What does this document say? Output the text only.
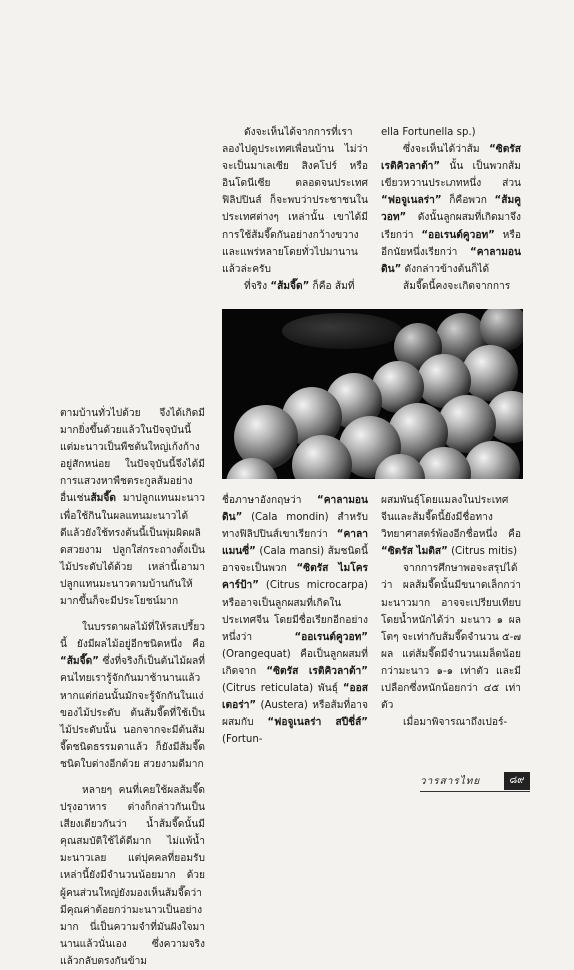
ตามบ้านทั่วไปด้วย จึงได้เกิดมีมากยิ่งขึ้นด้วยแล้วในปัจจุบันนี้ แต่มะนาวเป็นพืชต้นใหญ่เก้งก้างอยู่สักหน่อย ในปัจจุบันนี้จึงได้มีการแสวงหาพืชตระกูลส้มอย่างอื่นเช่นส้มจี๊ด มาปลูกแทนมะนาว เพื่อใช้กินในผลแทนมะนาวได้ดีแล้วยังใช้ทรงต้นนี้เป็นพุ่มผิดผลิดสวยงาม ปลูกใส่กระถางตั้งเป็นไม้ประดับได้ด้วย เหล่านี้เอามาปลูกแทนมะนาวตามบ้านกันให้มากขึ้นก็จะมีประโยชน์มาก

ในบรรดาผลไม้ที่ให้รสเปรี้ยวนี้ ยังมีผลไม้อยู่อีกชนิดหนึ่ง คือ “ส้มจี๊ด” ซึ่งที่จริงก็เป็นต้นไม้ผลที่คนไทยเรารู้จักกันมาช้านานแล้ว หากแต่ก่อนนั้นมักจะรู้จักกันในแง่ของไม้ประดับ ต้นส้มจี๊ดที่ใช้เป็นไม้ประดับนั้น นอกจากจะมีต้นส้มจี๊ดชนิดธรรมดาแล้ว ก็ยังมีส้มจี๊ดชนิดใบด่างอีกด้วย สวยงามดีมาก

หลายๆ คนที่เคยใช้ผลส้มจี๊ดปรุงอาหาร ต่างก็กล่าวกันเป็นเสียงเดียวกันว่า น้ำส้มจี๊ดนั้นมีคุณสมบัติใช้ได้ดีมาก ไม่แพ้น้ำมะนาวเลย แต่ปุคคลที่ยอมรับเหล่านี้ยังมีจำนวนน้อยมาก ด้วยผู้คนส่วนใหญ่ยังมองเห็นส้มจี๊ดว่า มีคุณค่าต้อยกว่ามะนาวเป็นอย่างมาก นี่เป็นความจำที่มันฝังใจมานานแล้วนั่นเอง ซึ่งความจริงแล้วกลับตรงกันข้าม

ดังจะเห็นได้จากการที่เราลองไปดูประเทศเพื่อนบ้าน ไม่ว่าจะเป็นมาเลเซีย สิงคโปร์ หรืออินโดนีเซีย ตลอดจนประเทศฟิลิปปินส์ ก็จะพบว่าประชาชนในประเทศต่างๆ เหล่านั้น เขาได้มีการใช้ส้มจี๊ดกันอย่างกว้างขวาง และแพร่หลายโดยทั่วไปมานานแล้วล่ะครับ

ที่จริง “ส้มจี๊ด” ก็คือ ส้มที่

ella Fortunella sp.)

ซึ่งจะเห็นได้ว่าส้ม “ซิตรัส เรติคิวลาต้า” นั้น เป็นพวกส้มเขียวหวานประเภทหนึ่ง ส่วน “ฟอจูเนลร่า” ก็คือพวก “ส้มคูวอท” ดังนั้นลูกผสมที่เกิดมาจึงเรียกว่า “ออเรนต์คูวอท” หรืออีกนัยหนึ่งเรียกว่า “คาลามอนดิน” ดังกล่าวข้างต้นก็ได้

ส้มจี๊ดนี้คงจะเกิดจากการ

ชื่อภาษาอังกฤษว่า “คาลามอนดิน” (Cala mondin) สำหรับทางฟิลิปปินส์เขาเรียกว่า “คาลาแมนซี่” (Cala mansi) ส้มชนิดนี้อาจจะเป็นพวก “ซิตรัส ไมโครคาร์ป้า” (Citrus microcarpa) หรืออาจเป็นลูกผสมที่เกิดในประเทศจีน โดยมีชื่อเรียกอีกอย่างหนึ่งว่า “ออเรนต์คูวอท” (Orangequat) คือเป็นลูกผสมที่เกิดจาก “ซิตรัส เรติคิวลาต้า” (Citrus reticulata) พันธุ์ “ออสเตอร่า” (Austera) หรือส้มที่อาจผสมกับ “ฟอจูเนลร่า สปีชี่ส์” (Fortun-

ผสมพันธุ์โดยแมลงในประเทศจีนและส้มจี๊ดนี้ยังมีชื่อทางวิทยาศาสตร์พ้องอีกชื่อหนึ่ง คือ “ซิตรัส ไมติส” (Citrus mitis)

จากการศึกษาพอจะสรุปได้ว่า ผลส้มจี๊ดนั้นมีขนาดเล็กกว่ามะนาวมาก อาจจะเปรียบเทียบโดยน้ำหนักได้ว่า มะนาว ๑ ผลโตๆ จะเท่ากับส้มจี๊ดจำนวน ๕-๗ ผล แต่ส้มจี๊ดมีจำนวนเมล็ดน้อยกว่ามะนาว ๑-๑ เท่าตัว และมีเปลือกซึ่งหนักน้อยกว่า ๔๕ เท่าตัว

เมื่อมาพิจารณาถึงเปอร์-

วารสารไทย	๘๙
